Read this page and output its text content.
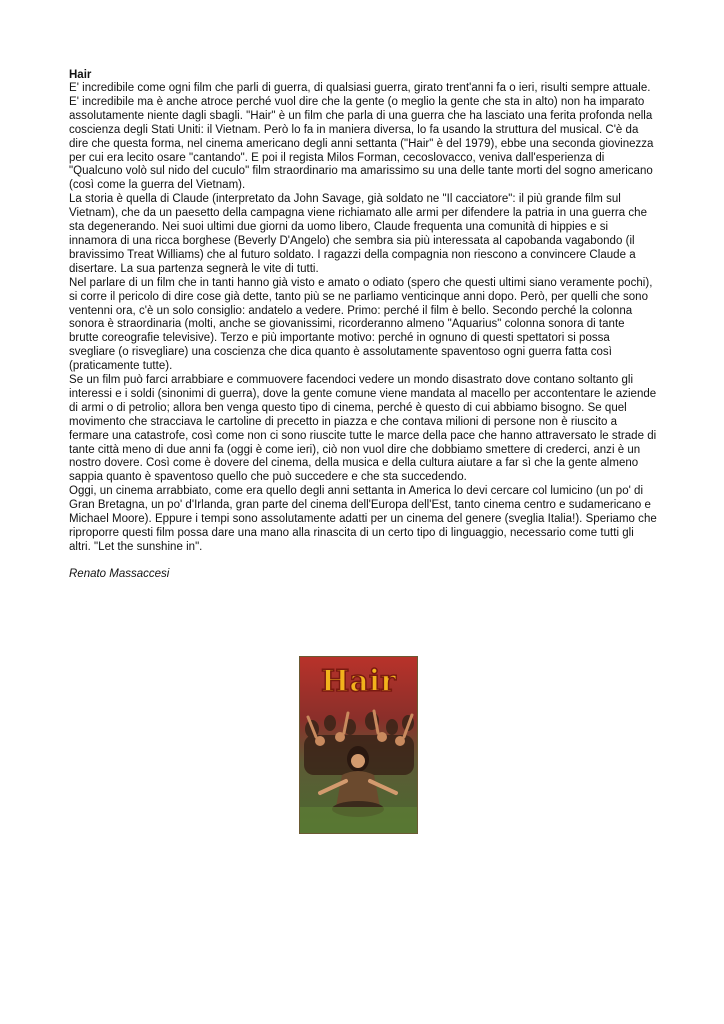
Hair

E' incredibile come ogni film che parli di guerra, di qualsiasi guerra, girato trent'anni fa o ieri, risulti sempre attuale. E' incredibile ma è anche atroce perché vuol dire che la gente (o meglio la gente che sta in alto) non ha imparato assolutamente niente dagli sbagli. "Hair" è un film che parla di una guerra che ha lasciato una ferita profonda nella coscienza degli Stati Uniti: il Vietnam. Però lo fa in maniera diversa, lo fa usando la struttura del musical. C'è da dire che questa forma, nel cinema americano degli anni settanta ("Hair" è del 1979), ebbe una seconda giovinezza per cui era lecito osare "cantando". E poi il regista Milos Forman, cecoslovacco, veniva dall'esperienza di "Qualcuno volò sul nido del cuculo" film straordinario ma amarissimo su una delle tante morti del sogno americano (così come la guerra del Vietnam).

La storia è quella di Claude (interpretato da John Savage, già soldato ne "Il cacciatore": il più grande film sul Vietnam), che da un paesetto della campagna viene richiamato alle armi per difendere la patria in una guerra che sta degenerando. Nei suoi ultimi due giorni da uomo libero, Claude frequenta una comunità di hippies e si innamora di una ricca borghese (Beverly D'Angelo) che sembra sia più interessata al capobanda vagabondo (il bravissimo Treat Williams) che al futuro soldato. I ragazzi della compagnia non riescono a convincere Claude a disertare. La sua partenza segnerà le vite di tutti.

Nel parlare di un film che in tanti hanno già visto e amato o odiato (spero che questi ultimi siano veramente pochi), si corre il pericolo di dire cose già dette, tanto più se ne parliamo venticinque anni dopo. Però, per quelli che sono ventenni ora, c'è un solo consiglio: andatelo a vedere. Primo: perché il film è bello. Secondo perché la colonna sonora è straordinaria (molti, anche se giovanissimi, ricorderanno almeno "Aquarius" colonna sonora di tante brutte coreografie televisive). Terzo e più importante motivo: perché in ognuno di questi spettatori si possa svegliare (o risvegliare) una coscienza che dica quanto è assolutamente spaventoso ogni guerra fatta così (praticamente tutte).

Se un film può farci arrabbiare e commuovere facendoci vedere un mondo disastrato dove contano soltanto gli interessi e i soldi (sinonimi di guerra), dove la gente comune viene mandata al macello per accontentare le aziende di armi o di petrolio; allora ben venga questo tipo di cinema, perché è questo di cui abbiamo bisogno. Se quel movimento che stracciava le cartoline di precetto in piazza e che contava milioni di persone non è riuscito a fermare una catastrofe, così come non ci sono riuscite tutte le marce della pace che hanno attraversato le strade di tante città meno di due anni fa (oggi è come ieri), ciò non vuol dire che dobbiamo smettere di crederci, anzi è un nostro dovere. Così come è dovere del cinema, della musica e della cultura aiutare a far sì che la gente almeno sappia quanto è spaventoso quello che può succedere e che sta succedendo.

Oggi, un cinema arrabbiato, come era quello degli anni settanta in America lo devi cercare col lumicino (un po' di Gran Bretagna, un po' d'Irlanda, gran parte del cinema dell'Europa dell'Est, tanto cinema centro e sudamericano e Michael Moore). Eppure i tempi sono assolutamente adatti per un cinema del genere (sveglia Italia!). Speriamo che riproporre questi film possa dare una mano alla rinascita di un certo tipo di linguaggio, necessario come tutti gli altri. "Let the sunshine in".

Renato Massaccesi

Hair
